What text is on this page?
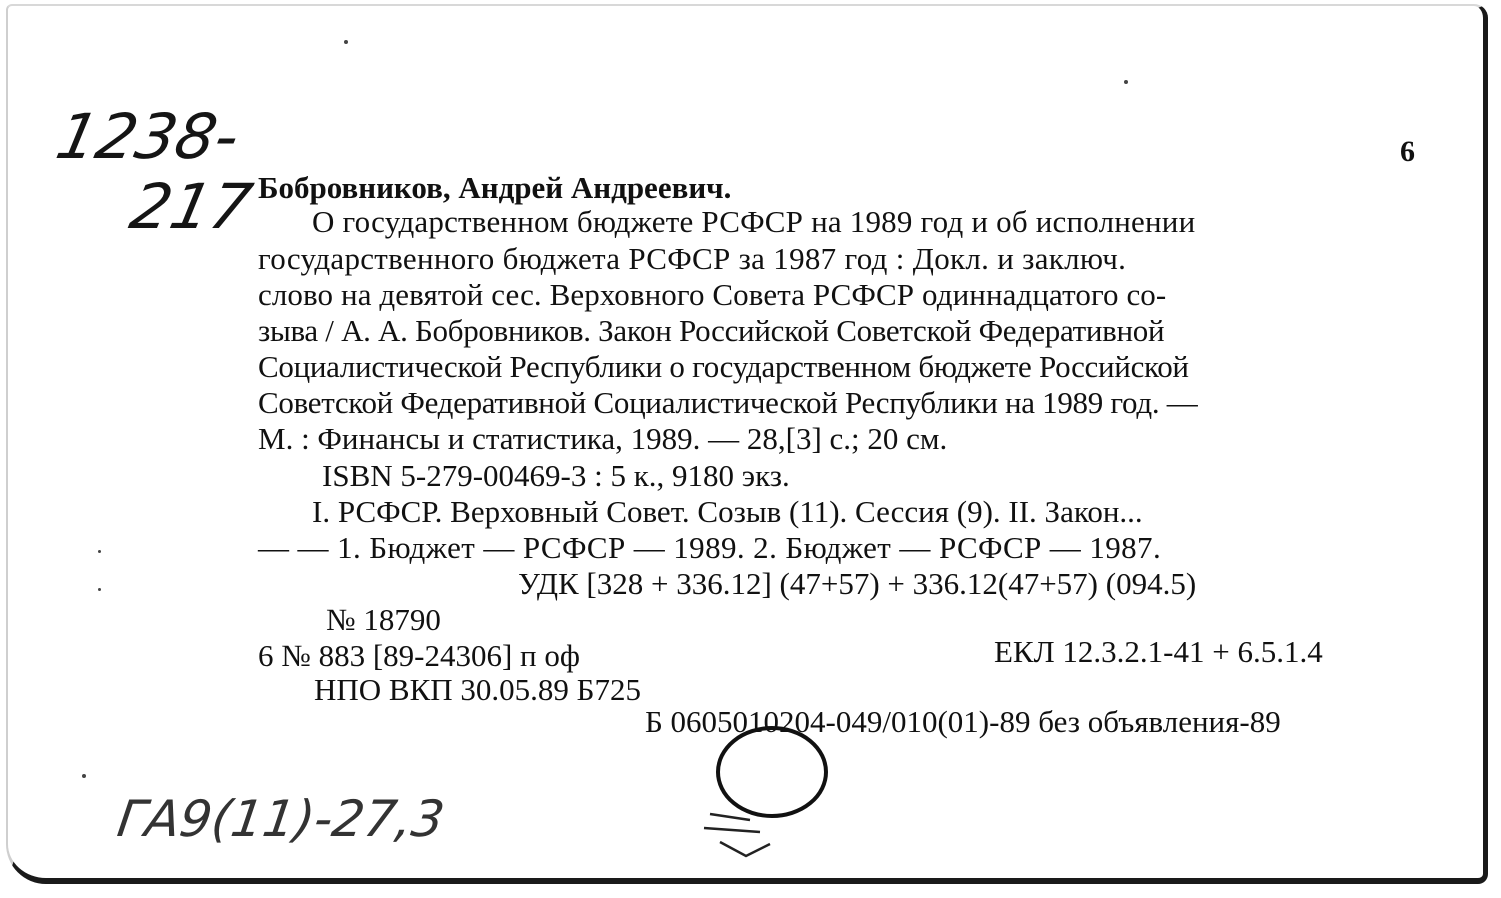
1238-
217
6
Бобровников, Андрей Андреевич.
О государственном бюджете РСФСР на 1989 год и об исполнении
государственного бюджета РСФСР за 1987 год : Докл. и заключ.
слово на девятой сес. Верховного Совета РСФСР одиннадцатого со-
зыва / А. А. Бобровников. Закон Российской Советской Федеративной
Социалистической Республики о государственном бюджете Российской
Советской Федеративной Социалистической Республики на 1989 год. —
М. : Финансы и статистика, 1989. — 28,[3] с.; 20 см.
ISBN 5-279-00469-3 : 5 к., 9180 экз.
I. РСФСР. Верховный Совет. Созыв (11). Сессия (9). II. Закон...
— — 1. Бюджет — РСФСР — 1989. 2. Бюджет — РСФСР — 1987.
УДК [328 + 336.12] (47+57) + 336.12(47+57) (094.5)
№ 18790
6 № 883 [89-24306] п оф	ЕКЛ 12.3.2.1-41 + 6.5.1.4
НПО ВКП 30.05.89 Б725
Б 0605010204-049/010(01)-89 без объявления-89
ГА9(11)-27,3
